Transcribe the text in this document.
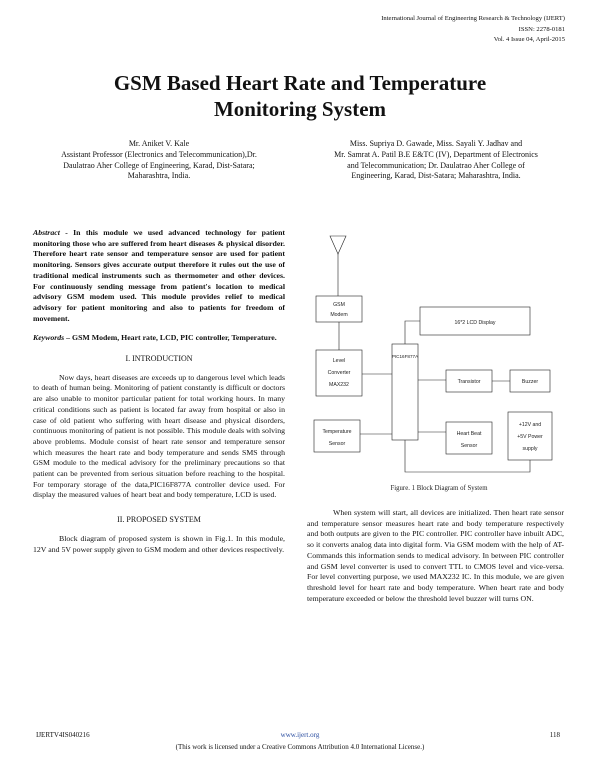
International Journal of Engineering Research & Technology (IJERT)
ISSN: 2278-0181
Vol. 4 Issue 04, April-2015
GSM Based Heart Rate and Temperature
Monitoring System
Mr. Aniket V. Kale
Assistant Professor (Electronics and Telecommunication),Dr.
Daulatrao Aher College of Engineering, Karad, Dist-Satara;
Maharashtra, India.
Miss. Supriya D. Gawade, Miss. Sayali Y. Jadhav and
Mr. Samrat A. Patil B.E E&TC (IV), Department of Electronics
and Telecommunication; Dr. Daulatrao Aher College of
Engineering, Karad, Dist-Satara; Maharashtra, India.

Abstract - In this module we used advanced technology for patient monitoring those who are suffered from heart diseases & physical disorder. Therefore heart rate sensor and temperature sensor are used for patient monitoring. Sensors gives accurate output therefore it rules out the use of traditional medical instruments such as thermometer and other devices. For continuously sending message from patient's location to medical advisory GSM modem used. This module provides relief to medical advisory for patient monitoring and also to patients for freedom of movement.

Keywords – GSM Modem, Heart rate, LCD, PIC controller, Temperature.

I. INTRODUCTION

Now days, heart diseases are exceeds up to dangerous level which leads to death of human being. Monitoring of patient constantly is difficult or doctors are also unable to monitor particular patient for total working hours. In many critical conditions such as patient is located far away from hospital or also in case of old patient who suffering with heart disease and physical disorders, continuous monitoring of patient is not possible. This module deals with solving above problems. Module consist of heart rate sensor and temperature sensor which measures the heart rate and body temperature and sends SMS through GSM module to the medical advisory for the preliminary precautions so that patient can be prevented from serious situation before reaching to the hospital. For temporary storage of the data,PIC16F877A controller device used. For display the measured values of heart beat and body temperature, LCD is used.

II. PROPOSED SYSTEM

Block diagram of proposed system is shown in Fig.1. In this module, 12V and 5V power supply given to GSM modem and other devices respectively.

GSM
Modem
16*2 LCD Display
Level
Converter
MAX232
PIC16F877A
Transistor	Buzzer
Temperature
Sensor
Heart Beat
Sensor
+12V and
+5V Power
supply
Figure. 1 Block Diagram of System
When system will start, all devices are initialized. Then heart rate sensor and temperature sensor measures heart rate and body temperature respectively and both outputs are given to the PIC controller. PIC controller have inbuilt ADC, so it converts analog data into digital form. Via GSM modem with the help of AT-Commands this information sends to medical advisory. In between PIC controller and GSM level converter is used to convert TTL to CMOS level and vice-versa. For level converting purpose, we used MAX232 IC. In this module, we are given threshold level for heart rate and body temperature. When heart rate and body temperature exceeded or below the threshold level buzzer will turns ON.
IJERTV4IS040216	www.ijert.org	118
(This work is licensed under a Creative Commons Attribution 4.0 International License.)
